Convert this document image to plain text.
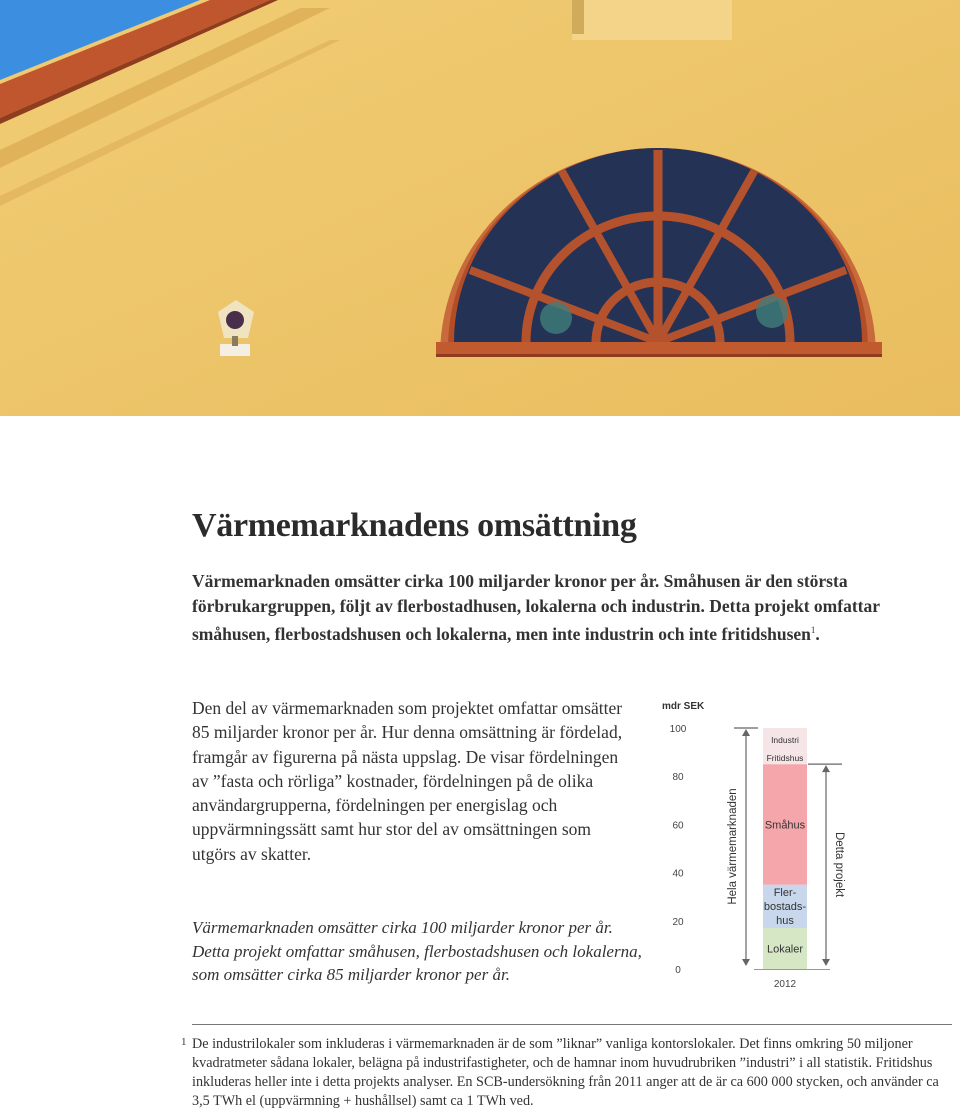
Värmemarknadens omsättning

Värmemarknaden omsätter cirka 100 miljarder kronor per år. Småhusen är den största förbrukargruppen, följt av flerbostadhusen, lokalerna och industrin. Detta projekt omfattar småhusen, flerbostadshusen och lokalerna, men inte industrin och inte fritidshusen$^1$.

Den del av värmemarknaden som projektet omfattar omsätter 85 miljarder kronor per år. Hur denna omsättning är fördelad, framgår av figurerna på nästa uppslag. De visar fördelningen av ”fasta och rörliga” kostnader, fördelningen på de olika användargrupperna, fördelningen per energislag och uppvärmningssätt samt hur stor del av omsättningen som utgörs av skatter.

Värmemarknaden omsätter cirka 100 miljarder kronor per år. Detta projekt omfattar småhusen, flerbostadshusen och lokalerna, som omsätter cirka 85 miljarder kronor per år.

mdr SEK
0
20
40
60
80
100
Lokaler
Fler-
bostads-
hus
Småhus
Fritidshus
Industri
Hela värmemarknaden	Detta projekt
2012

1 De industrilokaler som inkluderas i värmemarknaden är de som ”liknar” vanliga kontorslokaler. Det finns omkring 50 miljoner kvadratmeter sådana lokaler, belägna på industrifastigheter, och de hamnar inom huvudrubriken ”industri” i all statistik. Fritidshus inkluderas heller inte i detta projekts analyser. En SCB-undersökning från 2011 anger att de är ca 600 000 stycken, och använder ca 3,5 TWh el (uppvärmning + hushållsel) samt ca 1 TWh ved.
